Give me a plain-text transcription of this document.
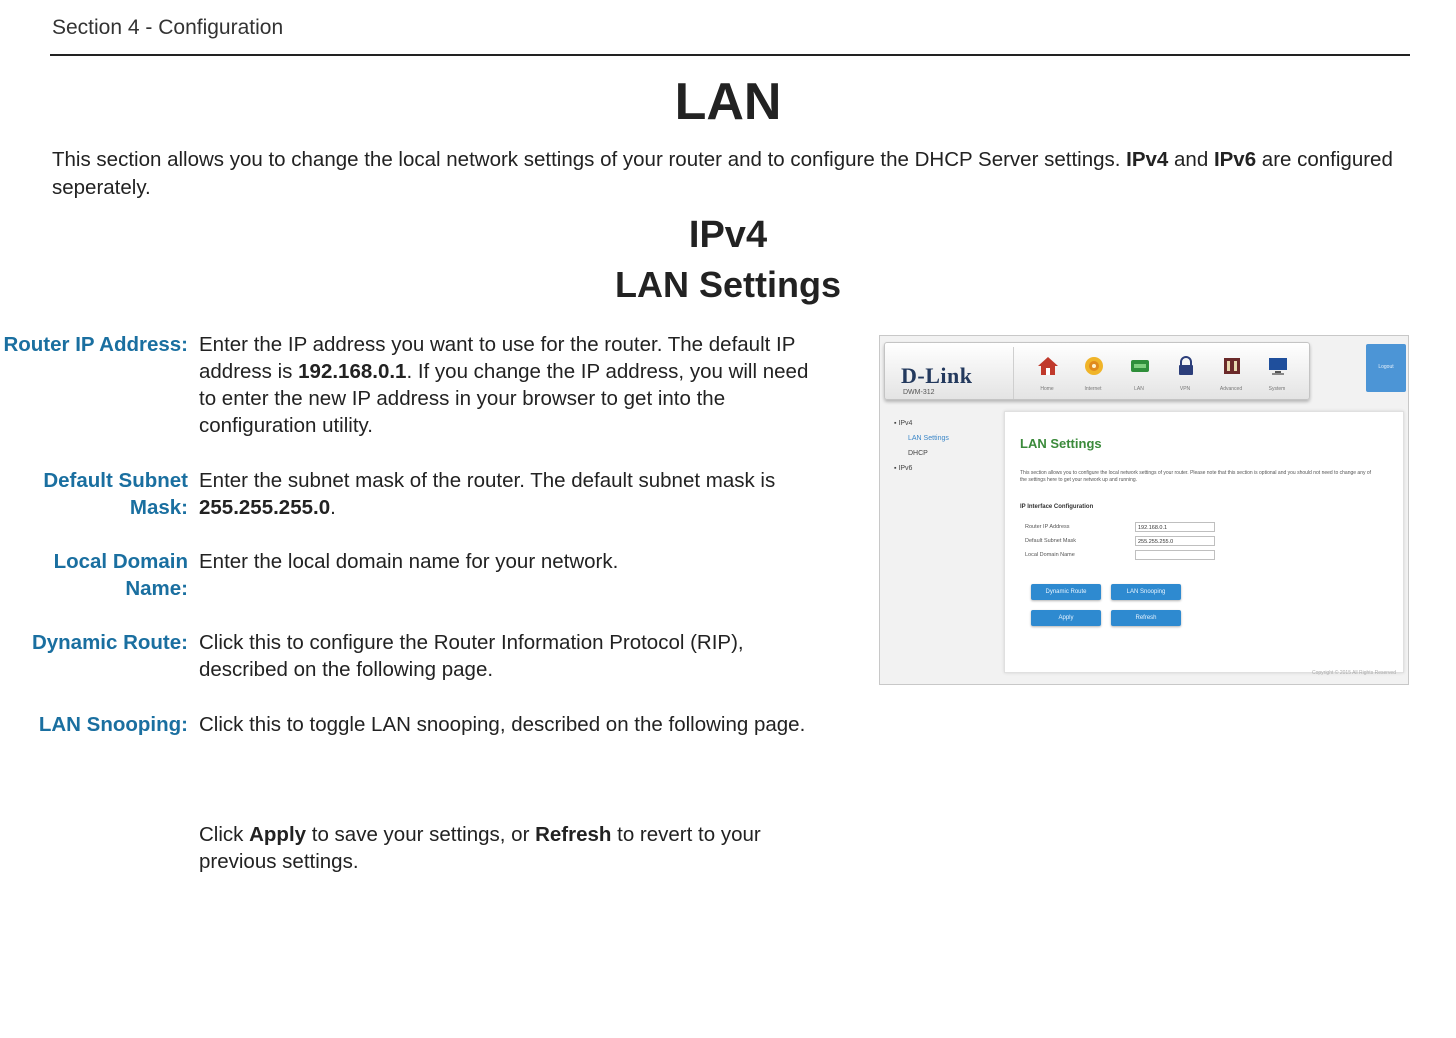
Section 4 - Configuration
LAN
This section allows you to change the local network settings of your router and to configure the DHCP Server settings. IPv4 and IPv6 are configured seperately.
IPv4
LAN Settings
Router IP Address: Enter the IP address you want to use for the router. The default IP address is 192.168.0.1. If you change the IP address, you will need to enter the new IP address in your browser to get into the configuration utility.
Default Subnet
Mask:
Enter the subnet mask of the router. The default subnet mask is 255.255.255.0.
Local Domain
Name:
Enter the local domain name for your network.
Dynamic Route: Click this to configure the Router Information Protocol (RIP), described on the following page.
LAN Snooping: Click this to toggle LAN snooping, described on the following page.
Click Apply to save your settings, or Refresh to revert to your previous settings.
D-Link
DWM-312	Home	Internet	LAN	VPN	Advanced	System
Logout
▪ IPv4
LAN Settings
DHCP
▪ IPv6
LAN Settings
This section allows you to configure the local network settings of your router. Please note that this section is optional and you should not need to change any of the settings here to get your network up and running.
IP Interface Configuration
Router IP Address	192.168.0.1
Default Subnet Mask	255.255.255.0
Local Domain Name
Dynamic Route	LAN Snooping
Apply	Refresh
Copyright © 2015 All Rights Reserved
